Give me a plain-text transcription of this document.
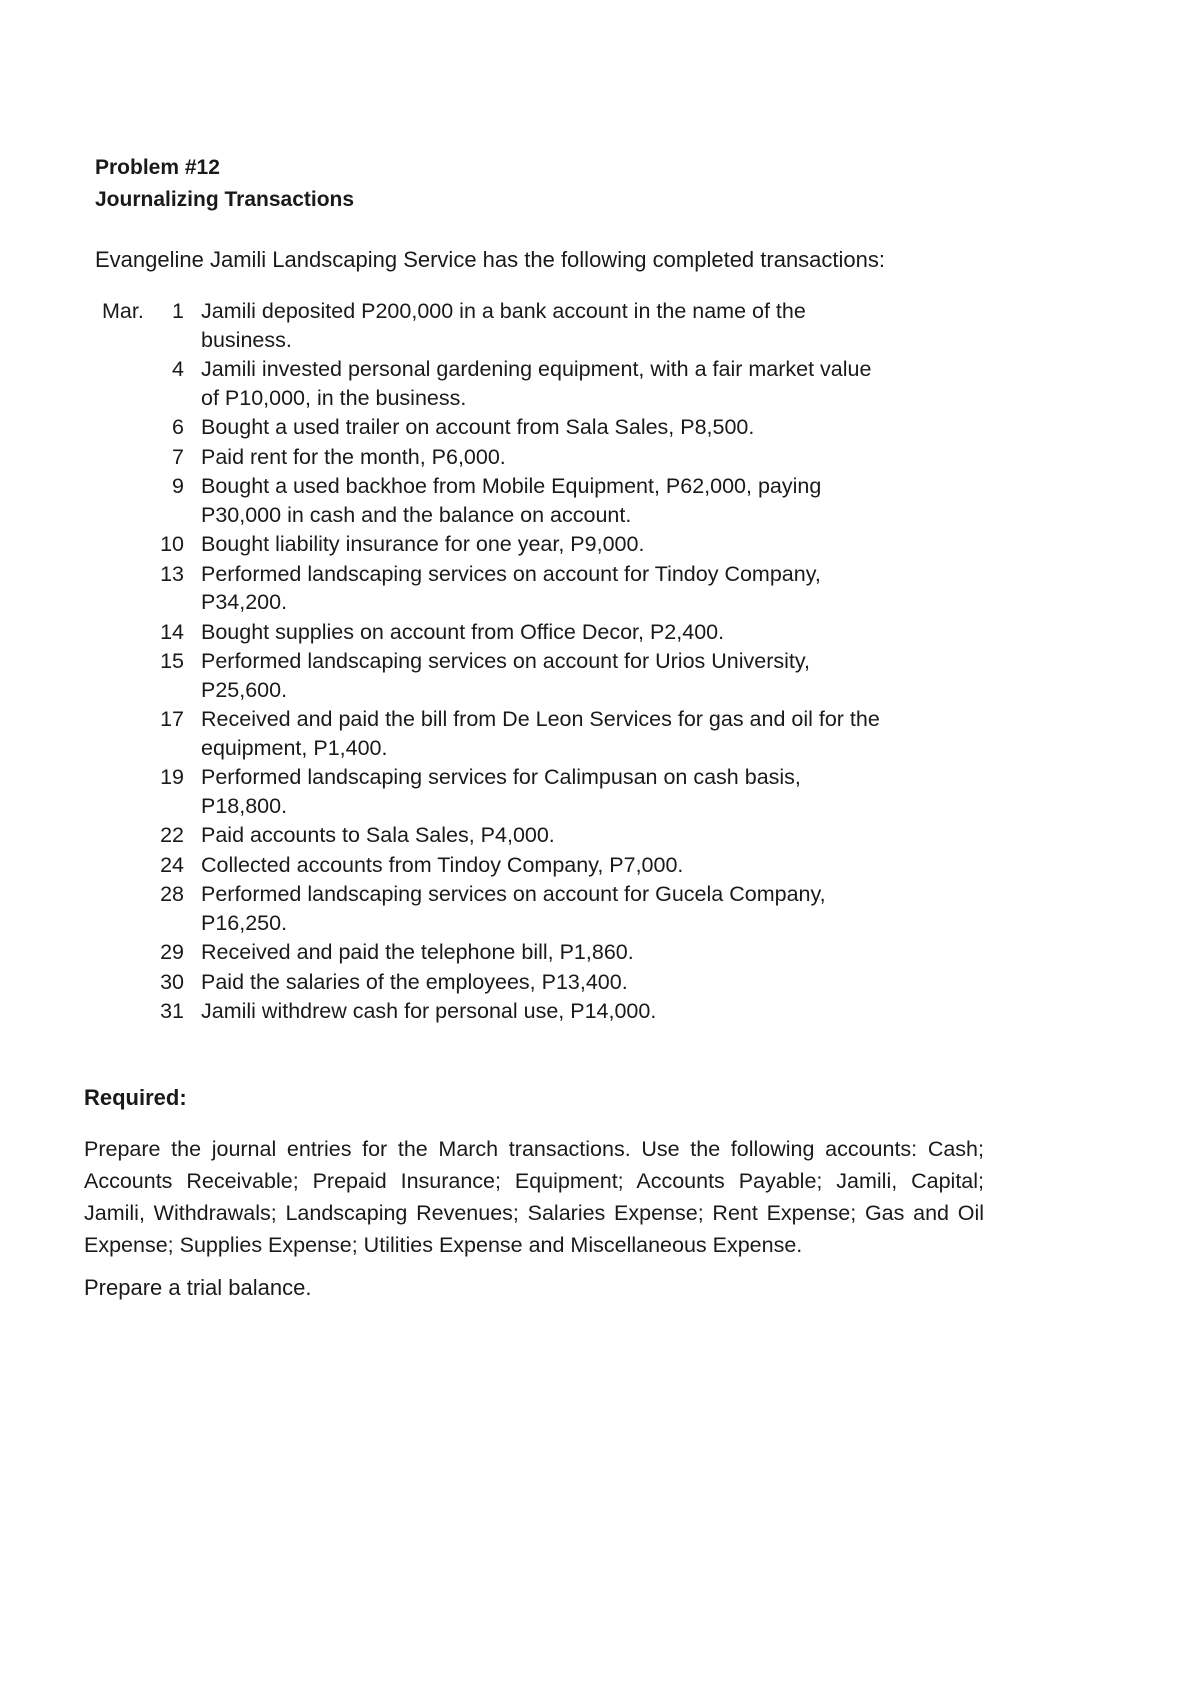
Problem #12
Journalizing Transactions
Evangeline Jamili Landscaping Service has the following completed transactions:
Mar.	1 Jamili deposited P200,000 in a bank account in the name of the business.
4 Jamili invested personal gardening equipment, with a fair market value of P10,000, in the business.
6 Bought a used trailer on account from Sala Sales, P8,500.
7 Paid rent for the month, P6,000.
9 Bought a used backhoe from Mobile Equipment, P62,000, paying P30,000 in cash and the balance on account.
10 Bought liability insurance for one year, P9,000.
13 Performed landscaping services on account for Tindoy Company, P34,200.
14 Bought supplies on account from Office Decor, P2,400.
15 Performed landscaping services on account for Urios University, P25,600.
17 Received and paid the bill from De Leon Services for gas and oil for the equipment, P1,400.
19 Performed landscaping services for Calimpusan on cash basis, P18,800.
22 Paid accounts to Sala Sales, P4,000.
24 Collected accounts from Tindoy Company, P7,000.
28 Performed landscaping services on account for Gucela Company, P16,250.
29 Received and paid the telephone bill, P1,860.
30 Paid the salaries of the employees, P13,400.
31 Jamili withdrew cash for personal use, P14,000.
Required:
Prepare the journal entries for the March transactions. Use the following accounts: Cash; Accounts Receivable; Prepaid Insurance; Equipment; Accounts Payable; Jamili, Capital; Jamili, Withdrawals; Landscaping Revenues; Salaries Expense; Rent Expense; Gas and Oil Expense; Supplies Expense; Utilities Expense and Miscellaneous Expense.
Prepare a trial balance.
